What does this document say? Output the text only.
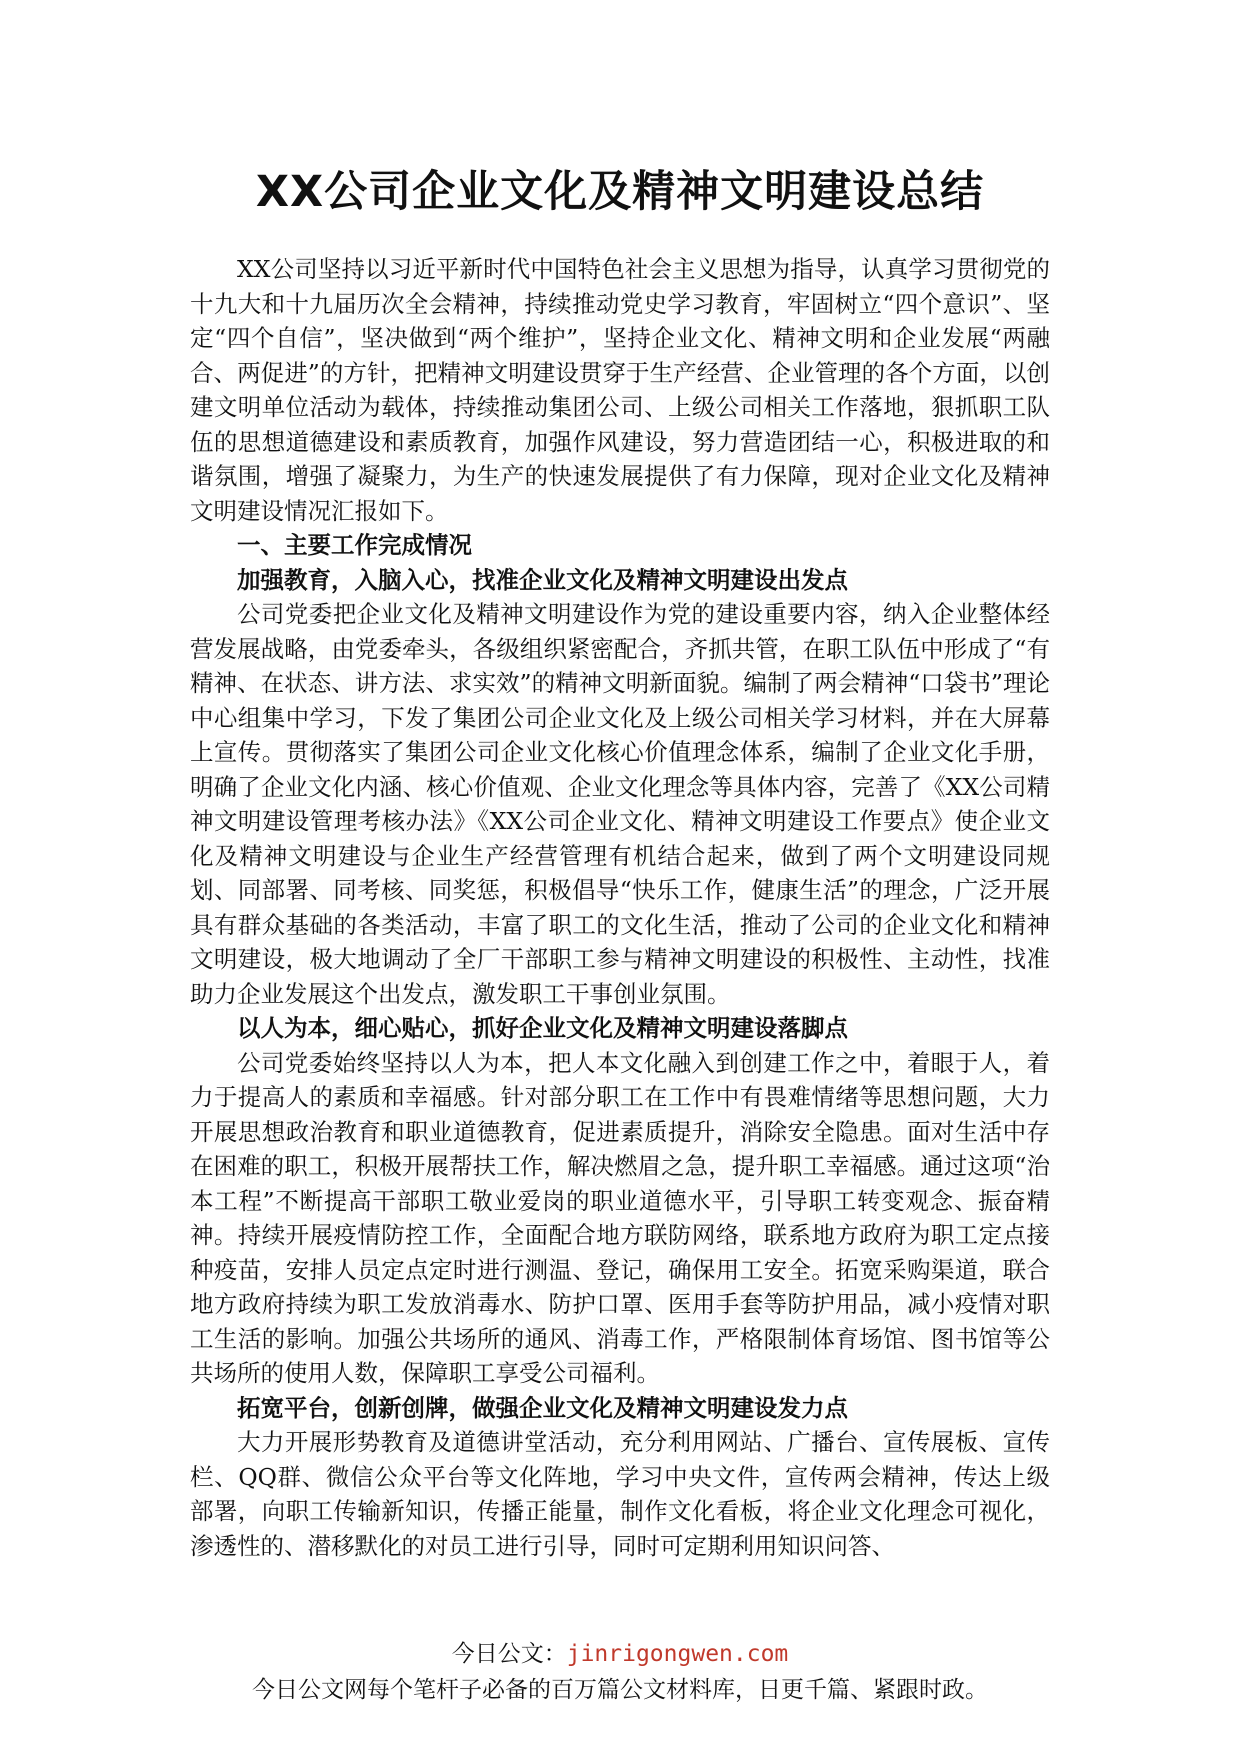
XX公司企业文化及精神文明建设总结

XX公司坚持以习近平新时代中国特色社会主义思想为指导，认真学习贯彻党的十九大和十九届历次全会精神，持续推动党史学习教育，牢固树立“四个意识”、坚定“四个自信”，坚决做到“两个维护”，坚持企业文化、精神文明和企业发展“两融合、两促进”的方针，把精神文明建设贯穿于生产经营、企业管理的各个方面，以创建文明单位活动为载体，持续推动集团公司、上级公司相关工作落地，狠抓职工队伍的思想道德建设和素质教育，加强作风建设，努力营造团结一心，积极进取的和谐氛围，增强了凝聚力，为生产的快速发展提供了有力保障，现对企业文化及精神文明建设情况汇报如下。

一、主要工作完成情况

加强教育，入脑入心，找准企业文化及精神文明建设出发点

公司党委把企业文化及精神文明建设作为党的建设重要内容，纳入企业整体经营发展战略，由党委牵头，各级组织紧密配合，齐抓共管，在职工队伍中形成了“有精神、在状态、讲方法、求实效”的精神文明新面貌。编制了两会精神“口袋书”理论中心组集中学习，下发了集团公司企业文化及上级公司相关学习材料，并在大屏幕上宣传。贯彻落实了集团公司企业文化核心价值理念体系，编制了企业文化手册，明确了企业文化内涵、核心价值观、企业文化理念等具体内容，完善了《XX公司精神文明建设管理考核办法》《XX公司企业文化、精神文明建设工作要点》使企业文化及精神文明建设与企业生产经营管理有机结合起来，做到了两个文明建设同规划、同部署、同考核、同奖惩，积极倡导“快乐工作，健康生活”的理念，广泛开展具有群众基础的各类活动，丰富了职工的文化生活，推动了公司的企业文化和精神文明建设，极大地调动了全厂干部职工参与精神文明建设的积极性、主动性，找准助力企业发展这个出发点，激发职工干事创业氛围。

以人为本，细心贴心，抓好企业文化及精神文明建设落脚点

公司党委始终坚持以人为本，把人本文化融入到创建工作之中，着眼于人，着力于提高人的素质和幸福感。针对部分职工在工作中有畏难情绪等思想问题，大力开展思想政治教育和职业道德教育，促进素质提升，消除安全隐患。面对生活中存在困难的职工，积极开展帮扶工作，解决燃眉之急，提升职工幸福感。通过这项“治本工程”不断提高干部职工敬业爱岗的职业道德水平，引导职工转变观念、振奋精神。持续开展疫情防控工作，全面配合地方联防网络，联系地方政府为职工定点接种疫苗，安排人员定点定时进行测温、登记，确保用工安全。拓宽采购渠道，联合地方政府持续为职工发放消毒水、防护口罩、医用手套等防护用品，减小疫情对职工生活的影响。加强公共场所的通风、消毒工作，严格限制体育场馆、图书馆等公共场所的使用人数，保障职工享受公司福利。

拓宽平台，创新创牌，做强企业文化及精神文明建设发力点

大力开展形势教育及道德讲堂活动，充分利用网站、广播台、宣传展板、宣传栏、QQ群、微信公众平台等文化阵地，学习中央文件，宣传两会精神，传达上级部署，向职工传输新知识，传播正能量，制作文化看板，将企业文化理念可视化，渗透性的、潜移默化的对员工进行引导，同时可定期利用知识问答、

今日公文：jinrigongwen.com
今日公文网每个笔杆子必备的百万篇公文材料库，日更千篇、紧跟时政。
